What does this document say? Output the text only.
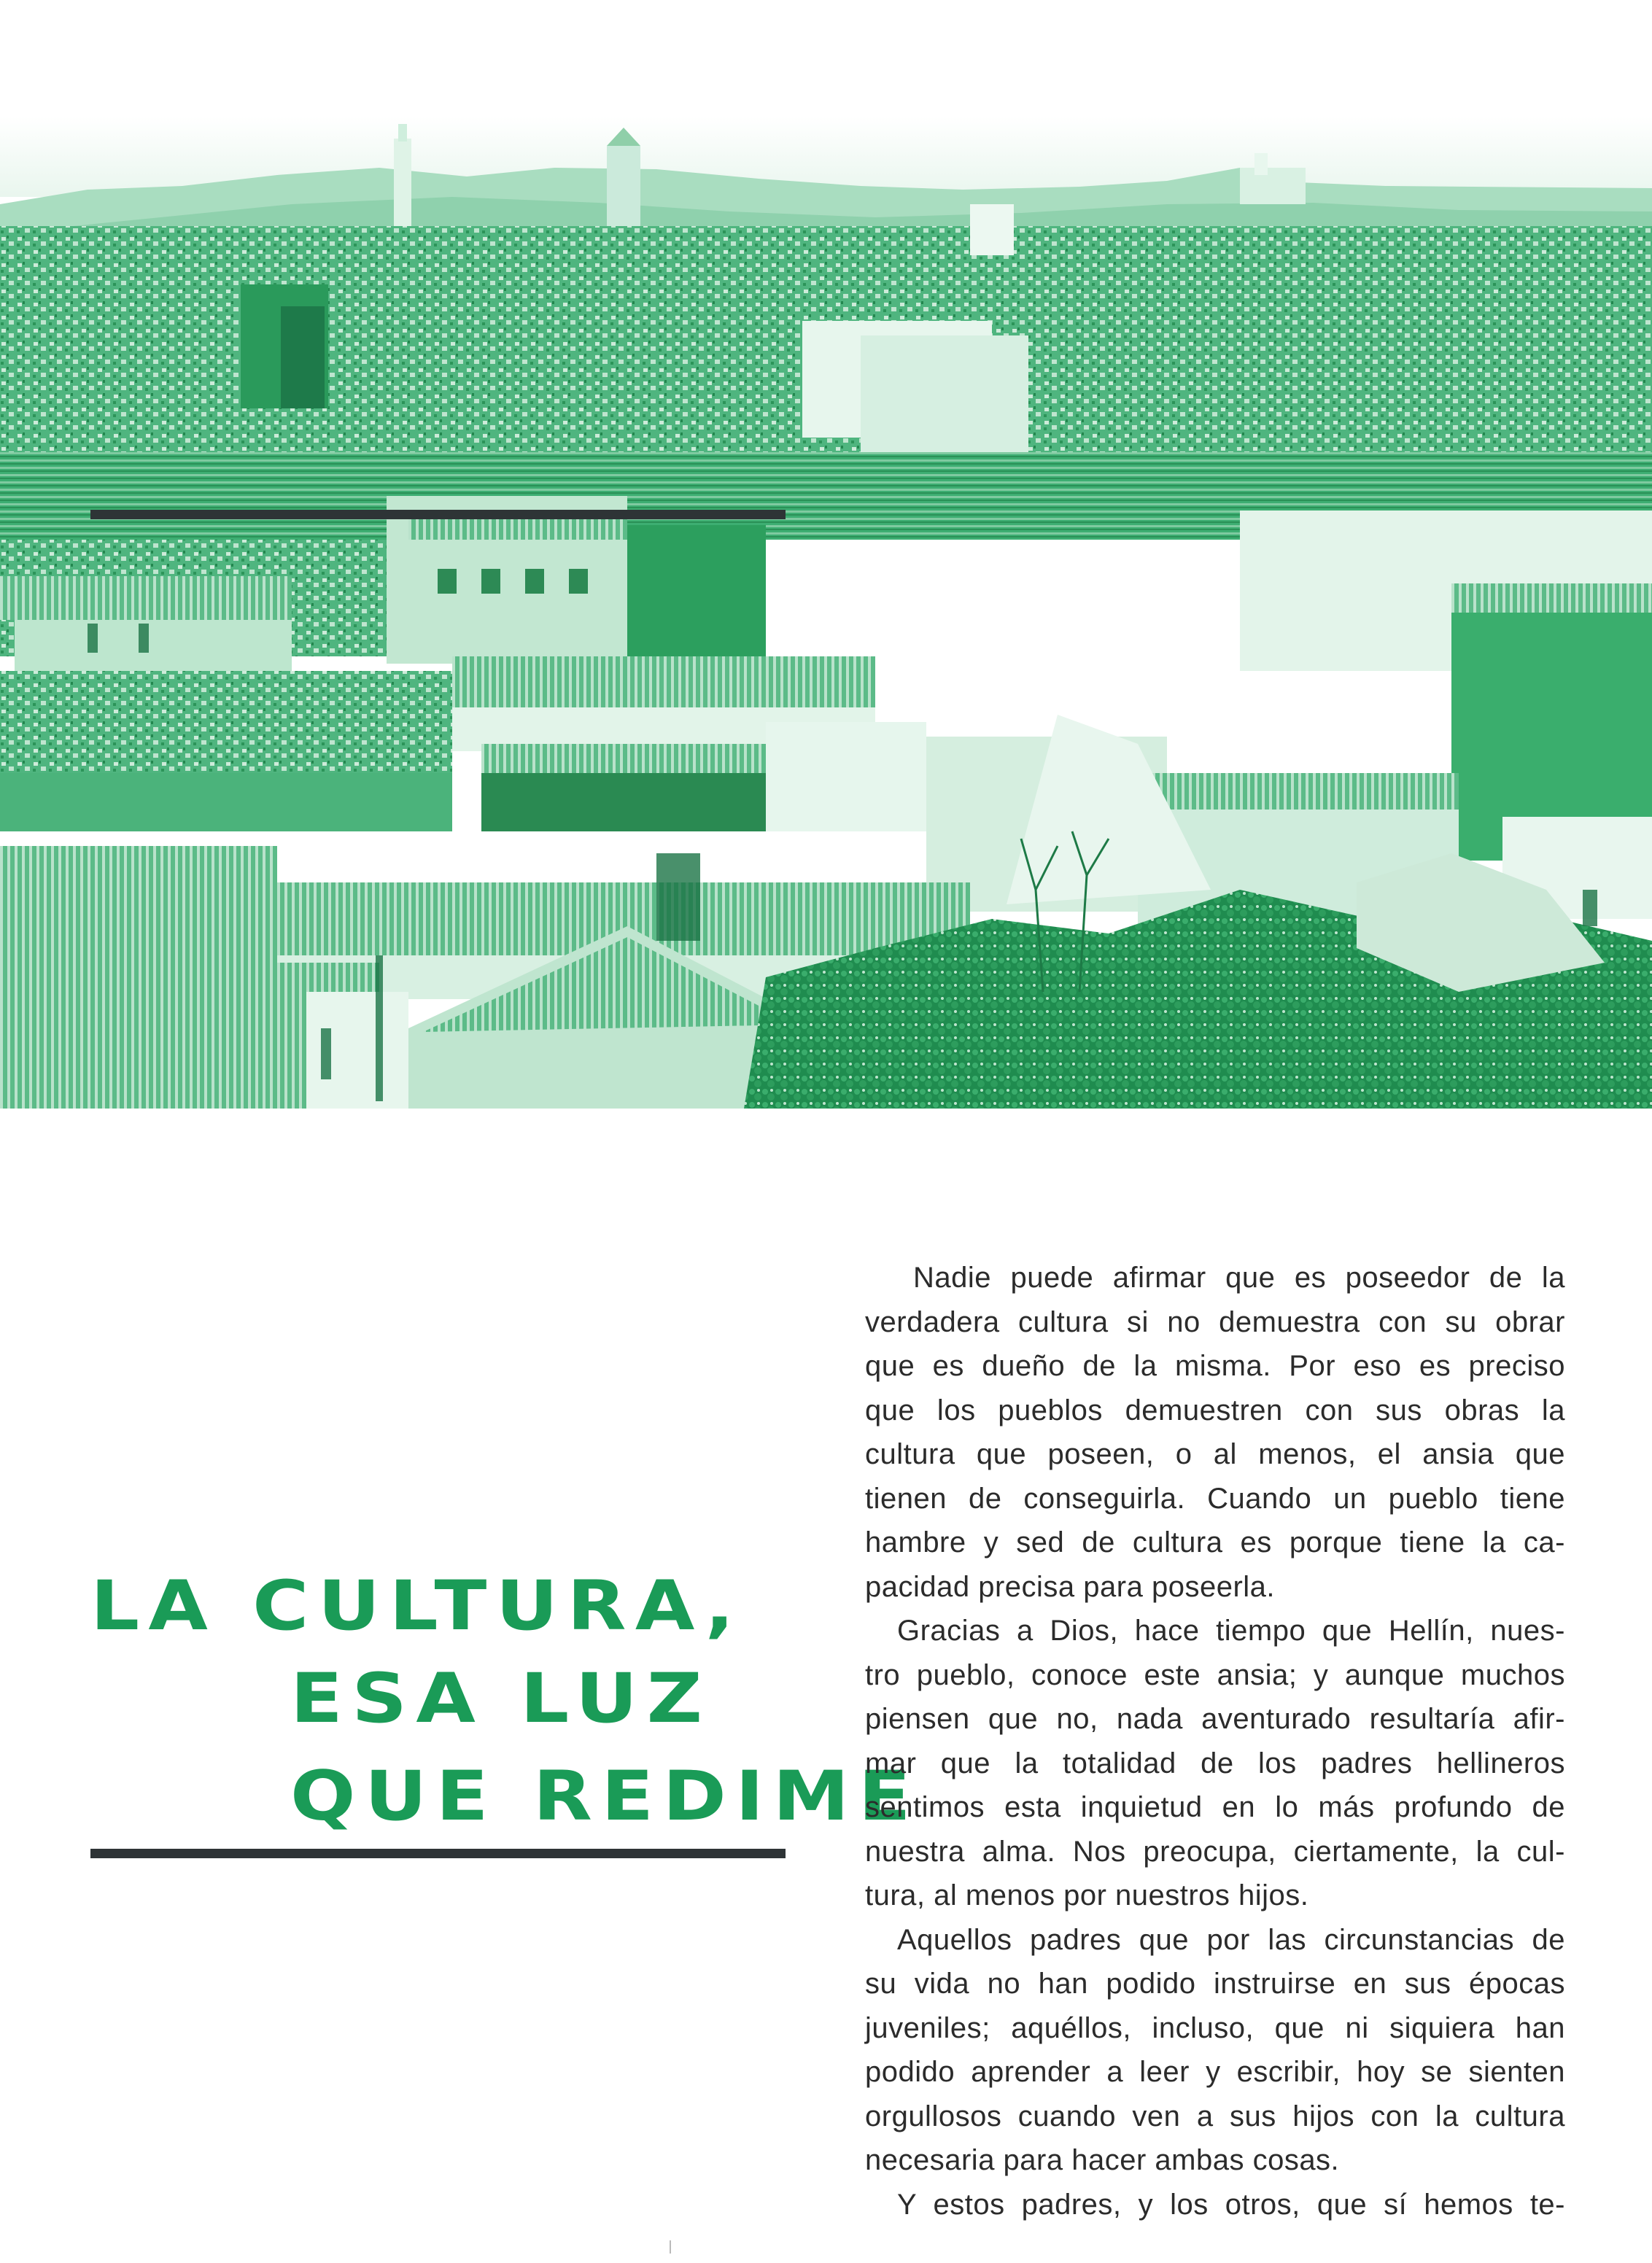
LA CULTURA,
ESA LUZ
QUE REDIME
Nadie puede afirmar que es poseedor de la
verdadera cultura si no demuestra con su obrar
que es dueño de la misma. Por eso es preciso
que los pueblos demuestren con sus obras la
cultura que poseen, o al menos, el ansia que
tienen de conseguirla. Cuando un pueblo tiene
hambre y sed de cultura es porque tiene la ca-
pacidad precisa para poseerla.
Gracias a Dios, hace tiempo que Hellín, nues-
tro pueblo, conoce este ansia; y aunque muchos
piensen que no, nada aventurado resultaría afir-
mar que la totalidad de los padres hellineros
sentimos esta inquietud en lo más profundo de
nuestra alma. Nos preocupa, ciertamente, la cul-
tura, al menos por nuestros hijos.
Aquellos padres que por las circunstancias de
su vida no han podido instruirse en sus épocas
juveniles; aquéllos, incluso, que ni siquiera han
podido aprender a leer y escribir, hoy se sienten
orgullosos cuando ven a sus hijos con la cultura
necesaria para hacer ambas cosas.
Y estos padres, y los otros, que sí hemos te-
